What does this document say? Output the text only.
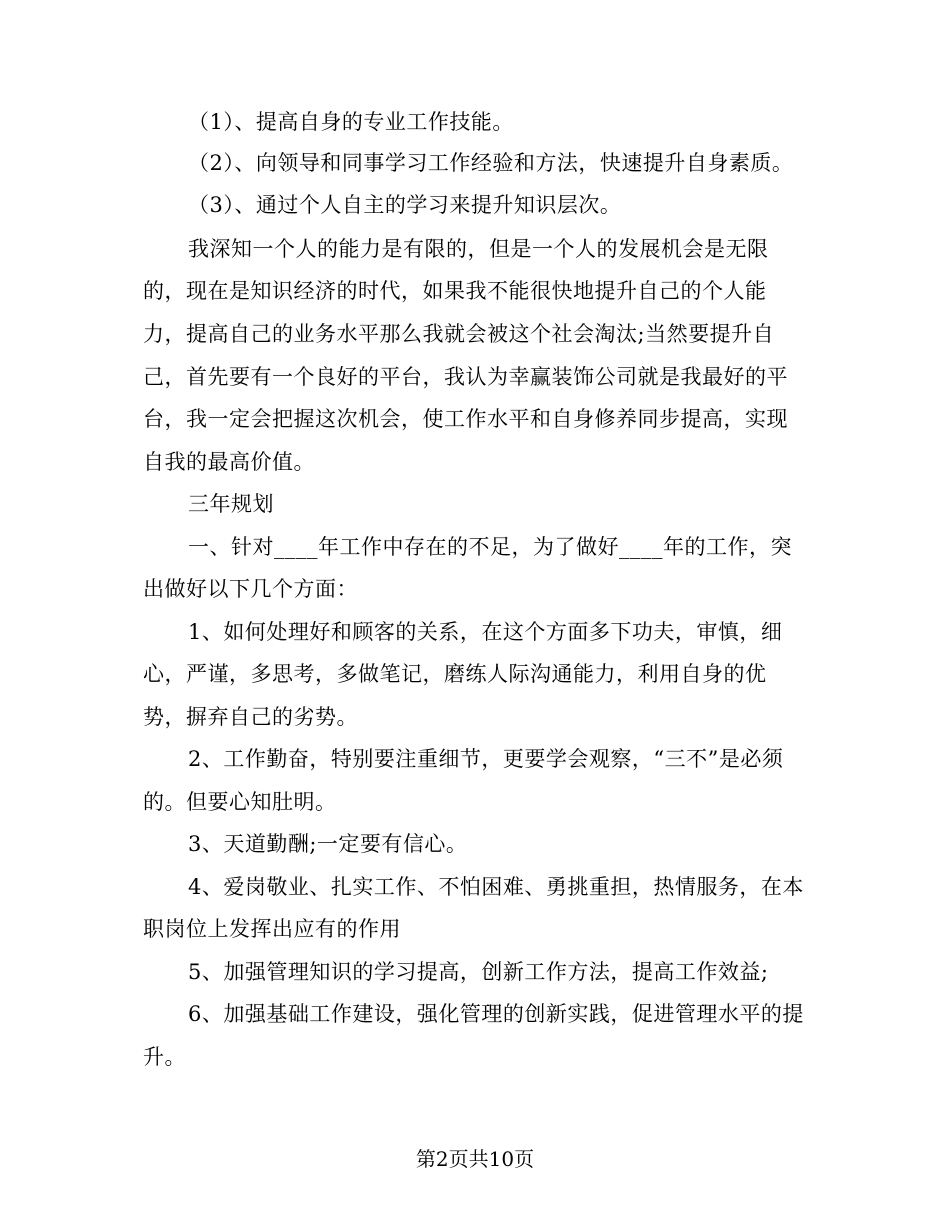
（1）、提高自身的专业工作技能。
（2）、向领导和同事学习工作经验和方法，快速提升自身素质。
（3）、通过个人自主的学习来提升知识层次。
我深知一个人的能力是有限的，但是一个人的发展机会是无限
的，现在是知识经济的时代，如果我不能很快地提升自己的个人能
力，提高自己的业务水平那么我就会被这个社会淘汰;当然要提升自
己，首先要有一个良好的平台，我认为幸赢装饰公司就是我最好的平
台，我一定会把握这次机会，使工作水平和自身修养同步提高，实现
自我的最高价值。
三年规划
一、针对____年工作中存在的不足，为了做好____年的工作，突
出做好以下几个方面：
1、如何处理好和顾客的关系，在这个方面多下功夫，审慎，细
心，严谨，多思考，多做笔记，磨练人际沟通能力，利用自身的优
势，摒弃自己的劣势。
2、工作勤奋，特别要注重细节，更要学会观察，“三不”是必须
的。但要心知肚明。
3、天道勤酬;一定要有信心。
4、爱岗敬业、扎实工作、不怕困难、勇挑重担，热情服务，在本
职岗位上发挥出应有的作用
5、加强管理知识的学习提高，创新工作方法，提高工作效益;
6、加强基础工作建设，强化管理的创新实践，促进管理水平的提
升。
第2页共10页
